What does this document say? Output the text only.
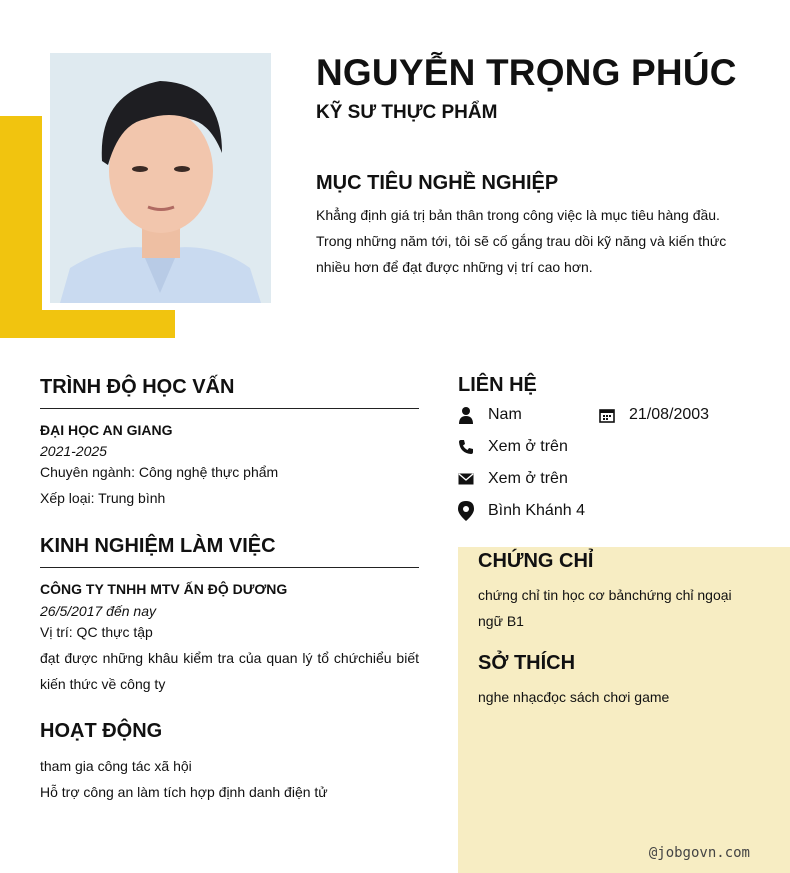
NGUYỄN TRỌNG PHÚC
KỸ SƯ THỰC PHẨM
MỤC TIÊU NGHỀ NGHIỆP

Khẳng định giá trị bản thân trong công việc là mục tiêu hàng đầu. Trong những năm tới, tôi sẽ cố gắng trau dồi kỹ năng và kiến thức nhiều hơn để đạt được những vị trí cao hơn.

TRÌNH ĐỘ HỌC VẤN

ĐẠI HỌC AN GIANG

2021-2025

Chuyên ngành: Công nghệ thực phẩm

Xếp loại: Trung bình

KINH NGHIỆM LÀM VIỆC

CÔNG TY TNHH MTV ẤN ĐỘ DƯƠNG

26/5/2017 đến nay

Vị trí: QC thực tập

đạt được những khâu kiểm tra của quan lý tổ chứchiểu biết kiến thức về công ty

HOẠT ĐỘNG

tham gia công tác xã hội

Hỗ trợ công an làm tích hợp định danh điện tử

LIÊN HỆ
Nam	21/08/2003
Xem ở trên
Xem ở trên
Bình Khánh 4
CHỨNG CHỈ

chứng chỉ tin học cơ bảnchứng chỉ ngoại ngữ B1

SỞ THÍCH

nghe nhạcđọc sách chơi game

@jobgovn.com
